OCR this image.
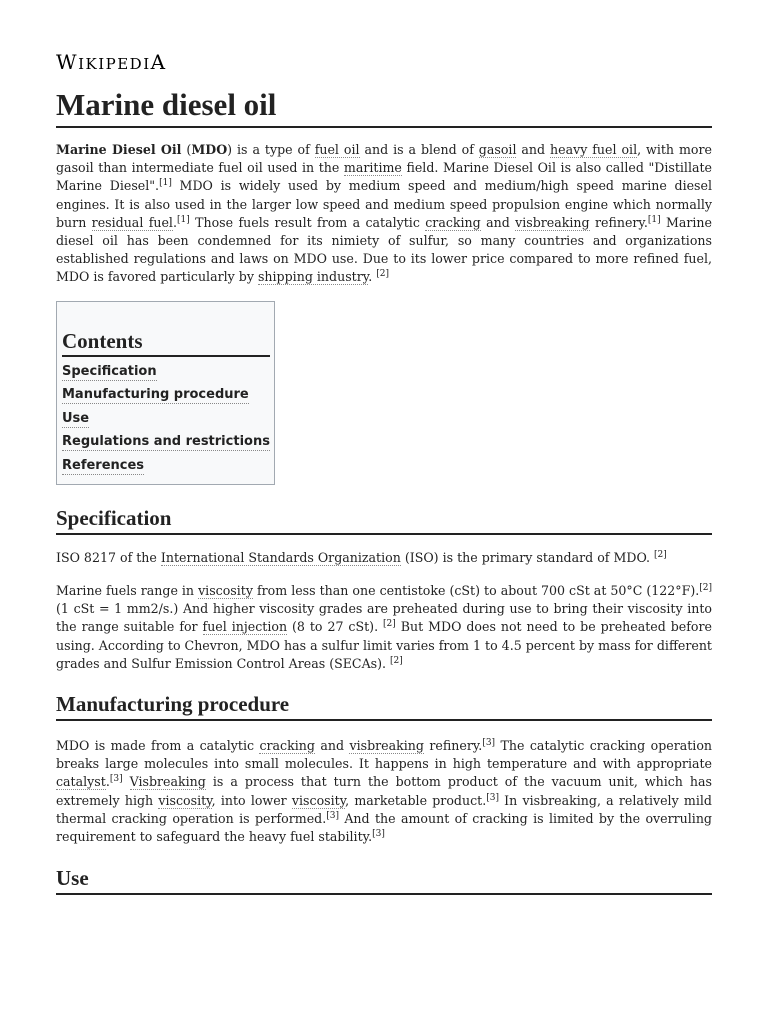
WIKIPEDIA
Marine diesel oil

Marine Diesel Oil (MDO) is a type of fuel oil and is a blend of gasoil and heavy fuel oil, with more gasoil than intermediate fuel oil used in the maritime field. Marine Diesel Oil is also called "Distillate Marine Diesel".[1] MDO is widely used by medium speed and medium/high speed marine diesel engines. It is also used in the larger low speed and medium speed propulsion engine which normally burn residual fuel.[1] Those fuels result from a catalytic cracking and visbreaking refinery.[1] Marine diesel oil has been condemned for its nimiety of sulfur, so many countries and organizations established regulations and laws on MDO use. Due to its lower price compared to more refined fuel, MDO is favored particularly by shipping industry. [2]

Contents
Specification
Manufacturing procedure
Use
Regulations and restrictions
References
Specification

ISO 8217 of the International Standards Organization (ISO) is the primary standard of MDO. [2]

Marine fuels range in viscosity from less than one centistoke (cSt) to about 700 cSt at 50°C (122°F).[2] (1 cSt = 1 mm2/s.) And higher viscosity grades are preheated during use to bring their viscosity into the range suitable for fuel injection (8 to 27 cSt). [2] But MDO does not need to be preheated before using. According to Chevron, MDO has a sulfur limit varies from 1 to 4.5 percent by mass for different grades and Sulfur Emission Control Areas (SECAs). [2]

Manufacturing procedure

MDO is made from a catalytic cracking and visbreaking refinery.[3] The catalytic cracking operation breaks large molecules into small molecules. It happens in high temperature and with appropriate catalyst.[3] Visbreaking is a process that turn the bottom product of the vacuum unit, which has extremely high viscosity, into lower viscosity, marketable product.[3] In visbreaking, a relatively mild thermal cracking operation is performed.[3] And the amount of cracking is limited by the overruling requirement to safeguard the heavy fuel stability.[3]

Use
